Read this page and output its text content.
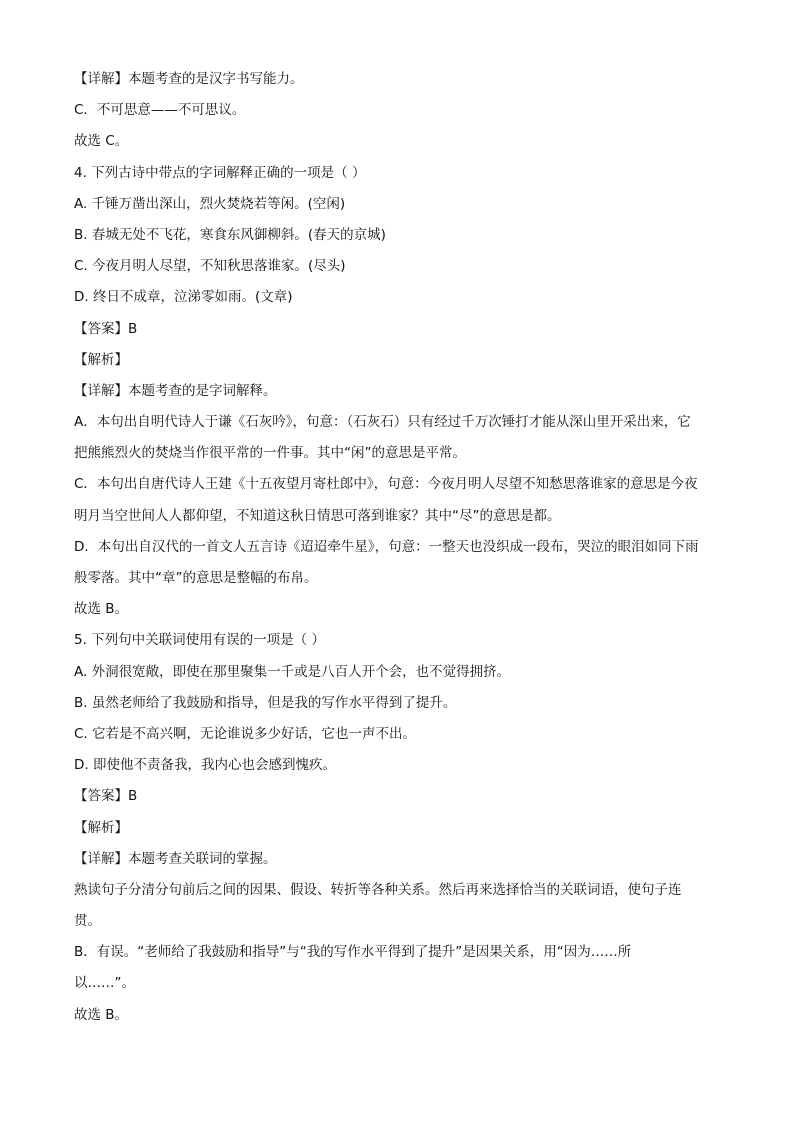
【详解】本题考查的是汉字书写能力。
C．不可思意——不可思议。
故选 C。
4. 下列古诗中带点的字词解释正确的一项是（ ）
A. 千锤万凿出深山，烈火焚烧若等闲。(空闲)
B. 春城无处不飞花，寒食东风御柳斜。(春天的京城)
C. 今夜月明人尽望，不知秋思落谁家。(尽头)
D. 终日不成章，泣涕零如雨。(文章)
【答案】B
【解析】
【详解】本题考查的是字词解释。
A．本句出自明代诗人于谦《石灰吟》，句意：（石灰石）只有经过千万次锤打才能从深山里开采出来，它
把熊熊烈火的焚烧当作很平常的一件事。其中“闲”的意思是平常。
C．本句出自唐代诗人王建《十五夜望月寄杜郎中》，句意：今夜月明人尽望不知愁思落谁家的意思是今夜
明月当空世间人人都仰望，不知道这秋日情思可落到谁家？其中“尽”的意思是都。
D．本句出自汉代的一首文人五言诗《迢迢牵牛星》，句意：一整天也没织成一段布，哭泣的眼泪如同下雨
般零落。其中“章”的意思是整幅的布帛。
故选 B。
5. 下列句中关联词使用有误的一项是（ ）
A. 外洞很宽敞，即使在那里聚集一千或是八百人开个会，也不觉得拥挤。
B. 虽然老师给了我鼓励和指导，但是我的写作水平得到了提升。
C. 它若是不高兴啊，无论谁说多少好话，它也一声不出。
D. 即使他不责备我，我内心也会感到愧疚。
【答案】B
【解析】
【详解】本题考查关联词的掌握。
熟读句子分清分句前后之间的因果、假设、转折等各种关系。然后再来选择恰当的关联词语，使句子连
贯。
B．有误。“老师给了我鼓励和指导”与“我的写作水平得到了提升”是因果关系，用“因为……所
以……”。
故选 B。
